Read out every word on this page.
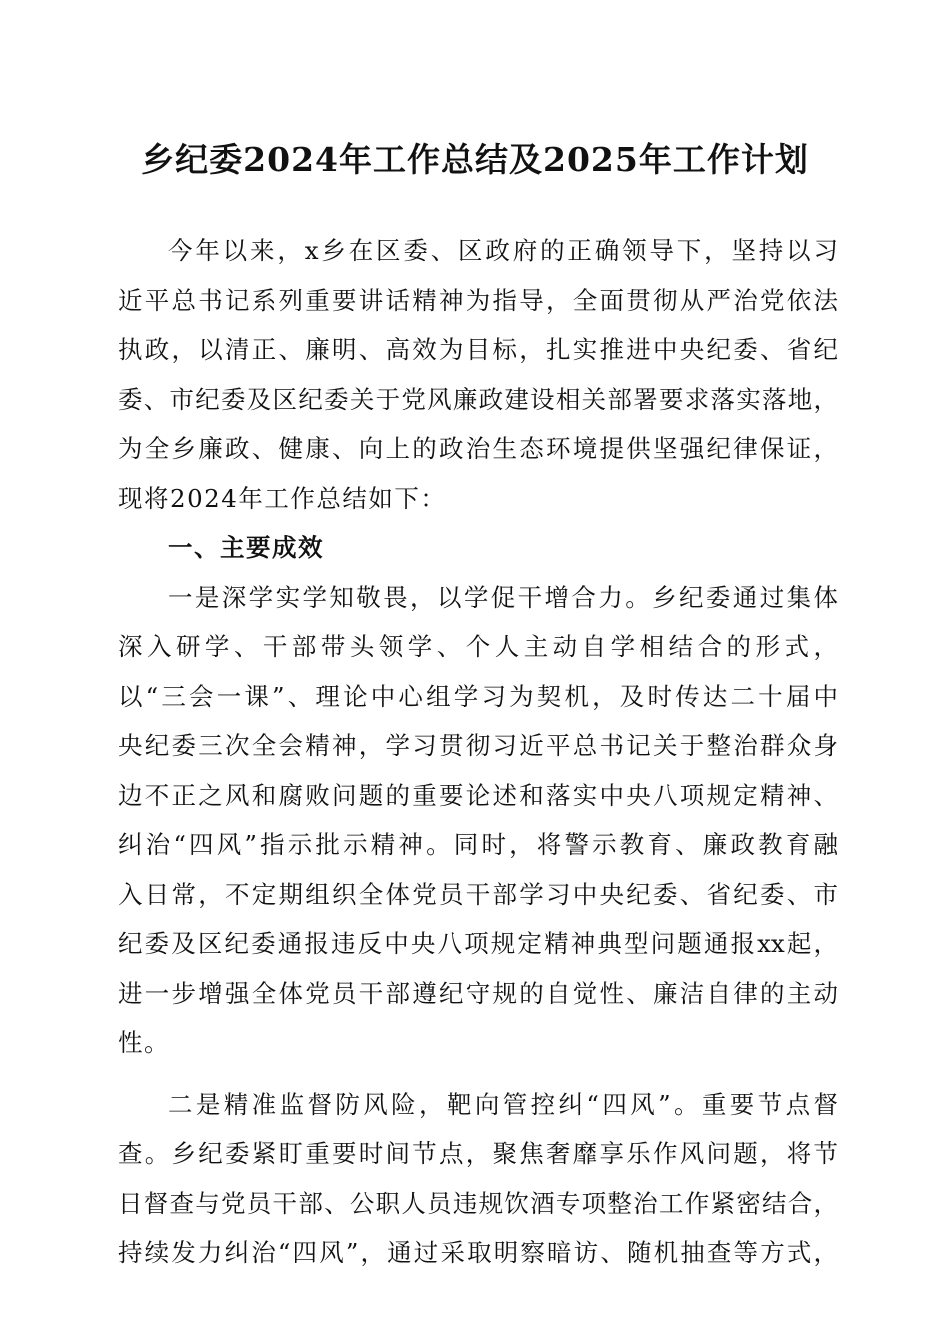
乡纪委2024年工作总结及2025年工作计划
今年以来，x乡在区委、区政府的正确领导下，坚持以习
近平总书记系列重要讲话精神为指导，全面贯彻从严治党依法
执政，以清正、廉明、高效为目标，扎实推进中央纪委、省纪
委、市纪委及区纪委关于党风廉政建设相关部署要求落实落地，
为全乡廉政、健康、向上的政治生态环境提供坚强纪律保证，
现将2024年工作总结如下：
一、主要成效
一是深学实学知敬畏，以学促干增合力。乡纪委通过集体
深入研学、干部带头领学、个人主动自学相结合的形式，
以“三会一课”、理论中心组学习为契机，及时传达二十届中
央纪委三次全会精神，学习贯彻习近平总书记关于整治群众身
边不正之风和腐败问题的重要论述和落实中央八项规定精神、
纠治“四风”指示批示精神。同时，将警示教育、廉政教育融
入日常，不定期组织全体党员干部学习中央纪委、省纪委、市
纪委及区纪委通报违反中央八项规定精神典型问题通报xx起，
进一步增强全体党员干部遵纪守规的自觉性、廉洁自律的主动
性。
二是精准监督防风险，靶向管控纠“四风”。重要节点督
查。乡纪委紧盯重要时间节点，聚焦奢靡享乐作风问题，将节
日督查与党员干部、公职人员违规饮酒专项整治工作紧密结合，
持续发力纠治“四风”，通过采取明察暗访、随机抽查等方式，
